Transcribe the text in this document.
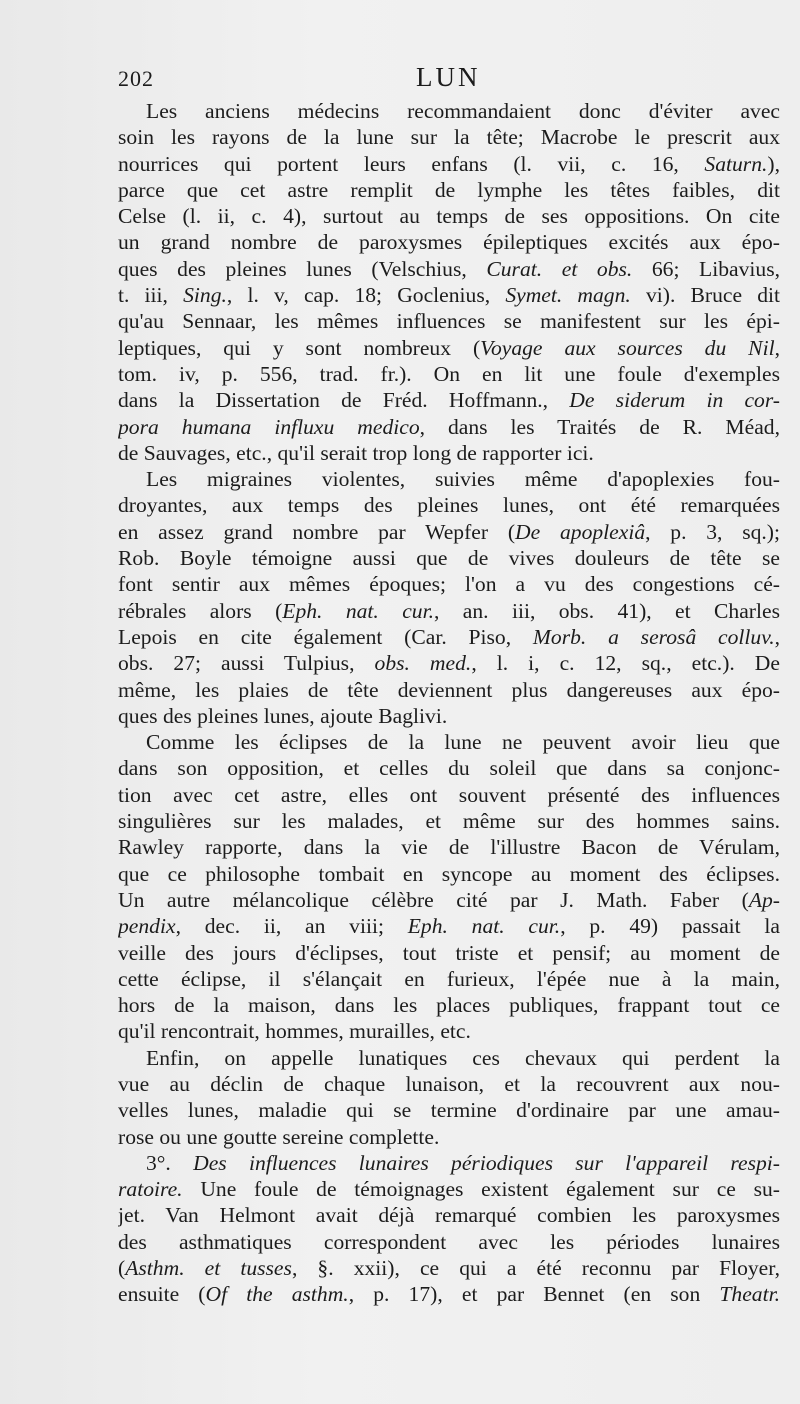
202	LUN
Les anciens médecins recommandaient donc d'éviter avec
soin les rayons de la lune sur la tête; Macrobe le prescrit aux
nourrices qui portent leurs enfans (l. vii, c. 16, Saturn.),
parce que cet astre remplit de lymphe les têtes faibles, dit
Celse (l. ii, c. 4), surtout au temps de ses oppositions. On cite
un grand nombre de paroxysmes épileptiques excités aux épo-
ques des pleines lunes (Velschius, Curat. et obs. 66; Libavius,
t. iii, Sing., l. v, cap. 18; Goclenius, Symet. magn. vi). Bruce dit
qu'au Sennaar, les mêmes influences se manifestent sur les épi-
leptiques, qui y sont nombreux (Voyage aux sources du Nil,
tom. iv, p. 556, trad. fr.). On en lit une foule d'exemples
dans la Dissertation de Fréd. Hoffmann., De siderum in cor-
pora humana influxu medico, dans les Traités de R. Méad,
de Sauvages, etc., qu'il serait trop long de rapporter ici.
Les migraines violentes, suivies même d'apoplexies fou-
droyantes, aux temps des pleines lunes, ont été remarquées
en assez grand nombre par Wepfer (De apoplexiâ, p. 3, sq.);
Rob. Boyle témoigne aussi que de vives douleurs de tête se
font sentir aux mêmes époques; l'on a vu des congestions cé-
rébrales alors (Eph. nat. cur., an. iii, obs. 41), et Charles
Lepois en cite également (Car. Piso, Morb. a serosâ colluv.,
obs. 27; aussi Tulpius, obs. med., l. i, c. 12, sq., etc.). De
même, les plaies de tête deviennent plus dangereuses aux épo-
ques des pleines lunes, ajoute Baglivi.
Comme les éclipses de la lune ne peuvent avoir lieu que
dans son opposition, et celles du soleil que dans sa conjonc-
tion avec cet astre, elles ont souvent présenté des influences
singulières sur les malades, et même sur des hommes sains.
Rawley rapporte, dans la vie de l'illustre Bacon de Vérulam,
que ce philosophe tombait en syncope au moment des éclipses.
Un autre mélancolique célèbre cité par J. Math. Faber (Ap-
pendix, dec. ii, an viii; Eph. nat. cur., p. 49) passait la
veille des jours d'éclipses, tout triste et pensif; au moment de
cette éclipse, il s'élançait en furieux, l'épée nue à la main,
hors de la maison, dans les places publiques, frappant tout ce
qu'il rencontrait, hommes, murailles, etc.
Enfin, on appelle lunatiques ces chevaux qui perdent la
vue au déclin de chaque lunaison, et la recouvrent aux nou-
velles lunes, maladie qui se termine d'ordinaire par une amau-
rose ou une goutte sereine complette.
3°. Des influences lunaires périodiques sur l'appareil respi-
ratoire. Une foule de témoignages existent également sur ce su-
jet. Van Helmont avait déjà remarqué combien les paroxysmes
des asthmatiques correspondent avec les périodes lunaires
(Asthm. et tusses, §. xxii), ce qui a été reconnu par Floyer,
ensuite (Of the asthm., p. 17), et par Bennet (en son Theatr.
